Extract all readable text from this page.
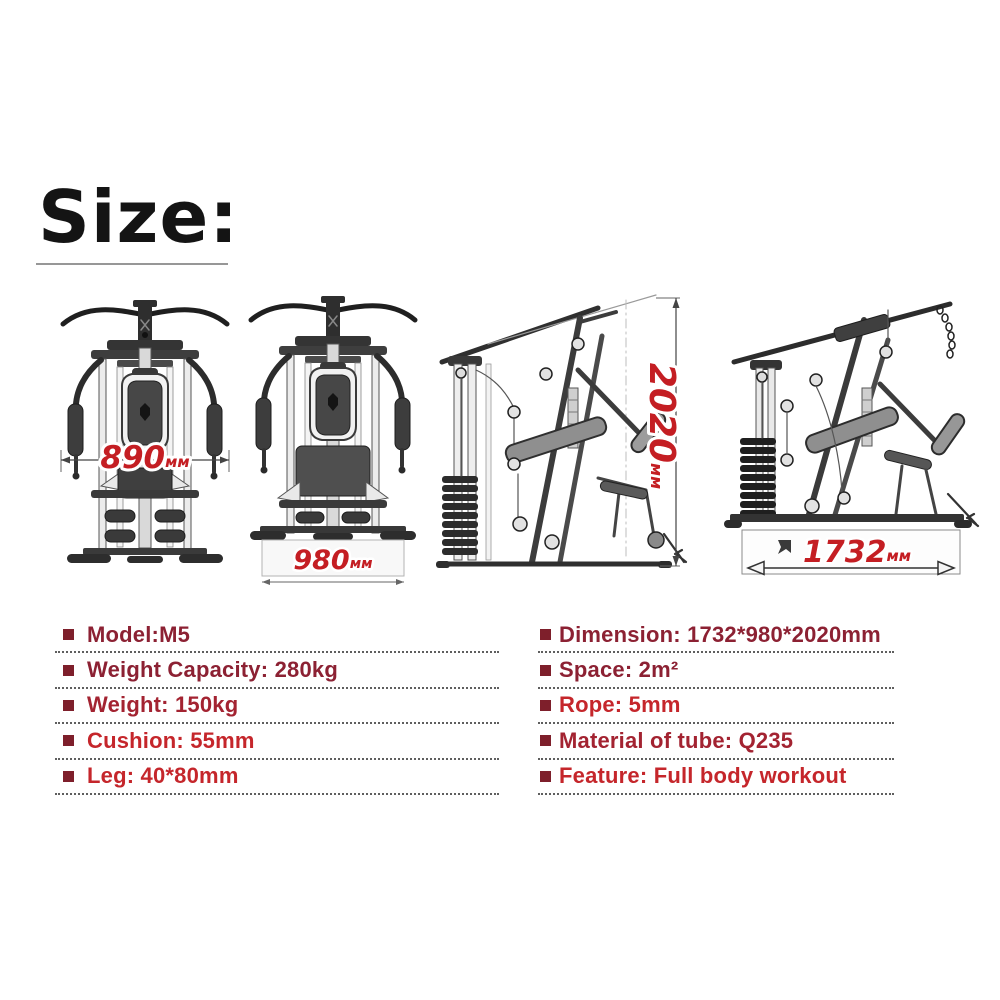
Size:
890мм
980мм
2020мм
1732мм
Model:M5
Weight Capacity: 280kg
Weight: 150kg
Cushion: 55mm
Leg: 40*80mm
Dimension: 1732*980*2020mm
Space: 2m²
Rope: 5mm
Material of tube: Q235
Feature: Full body workout
